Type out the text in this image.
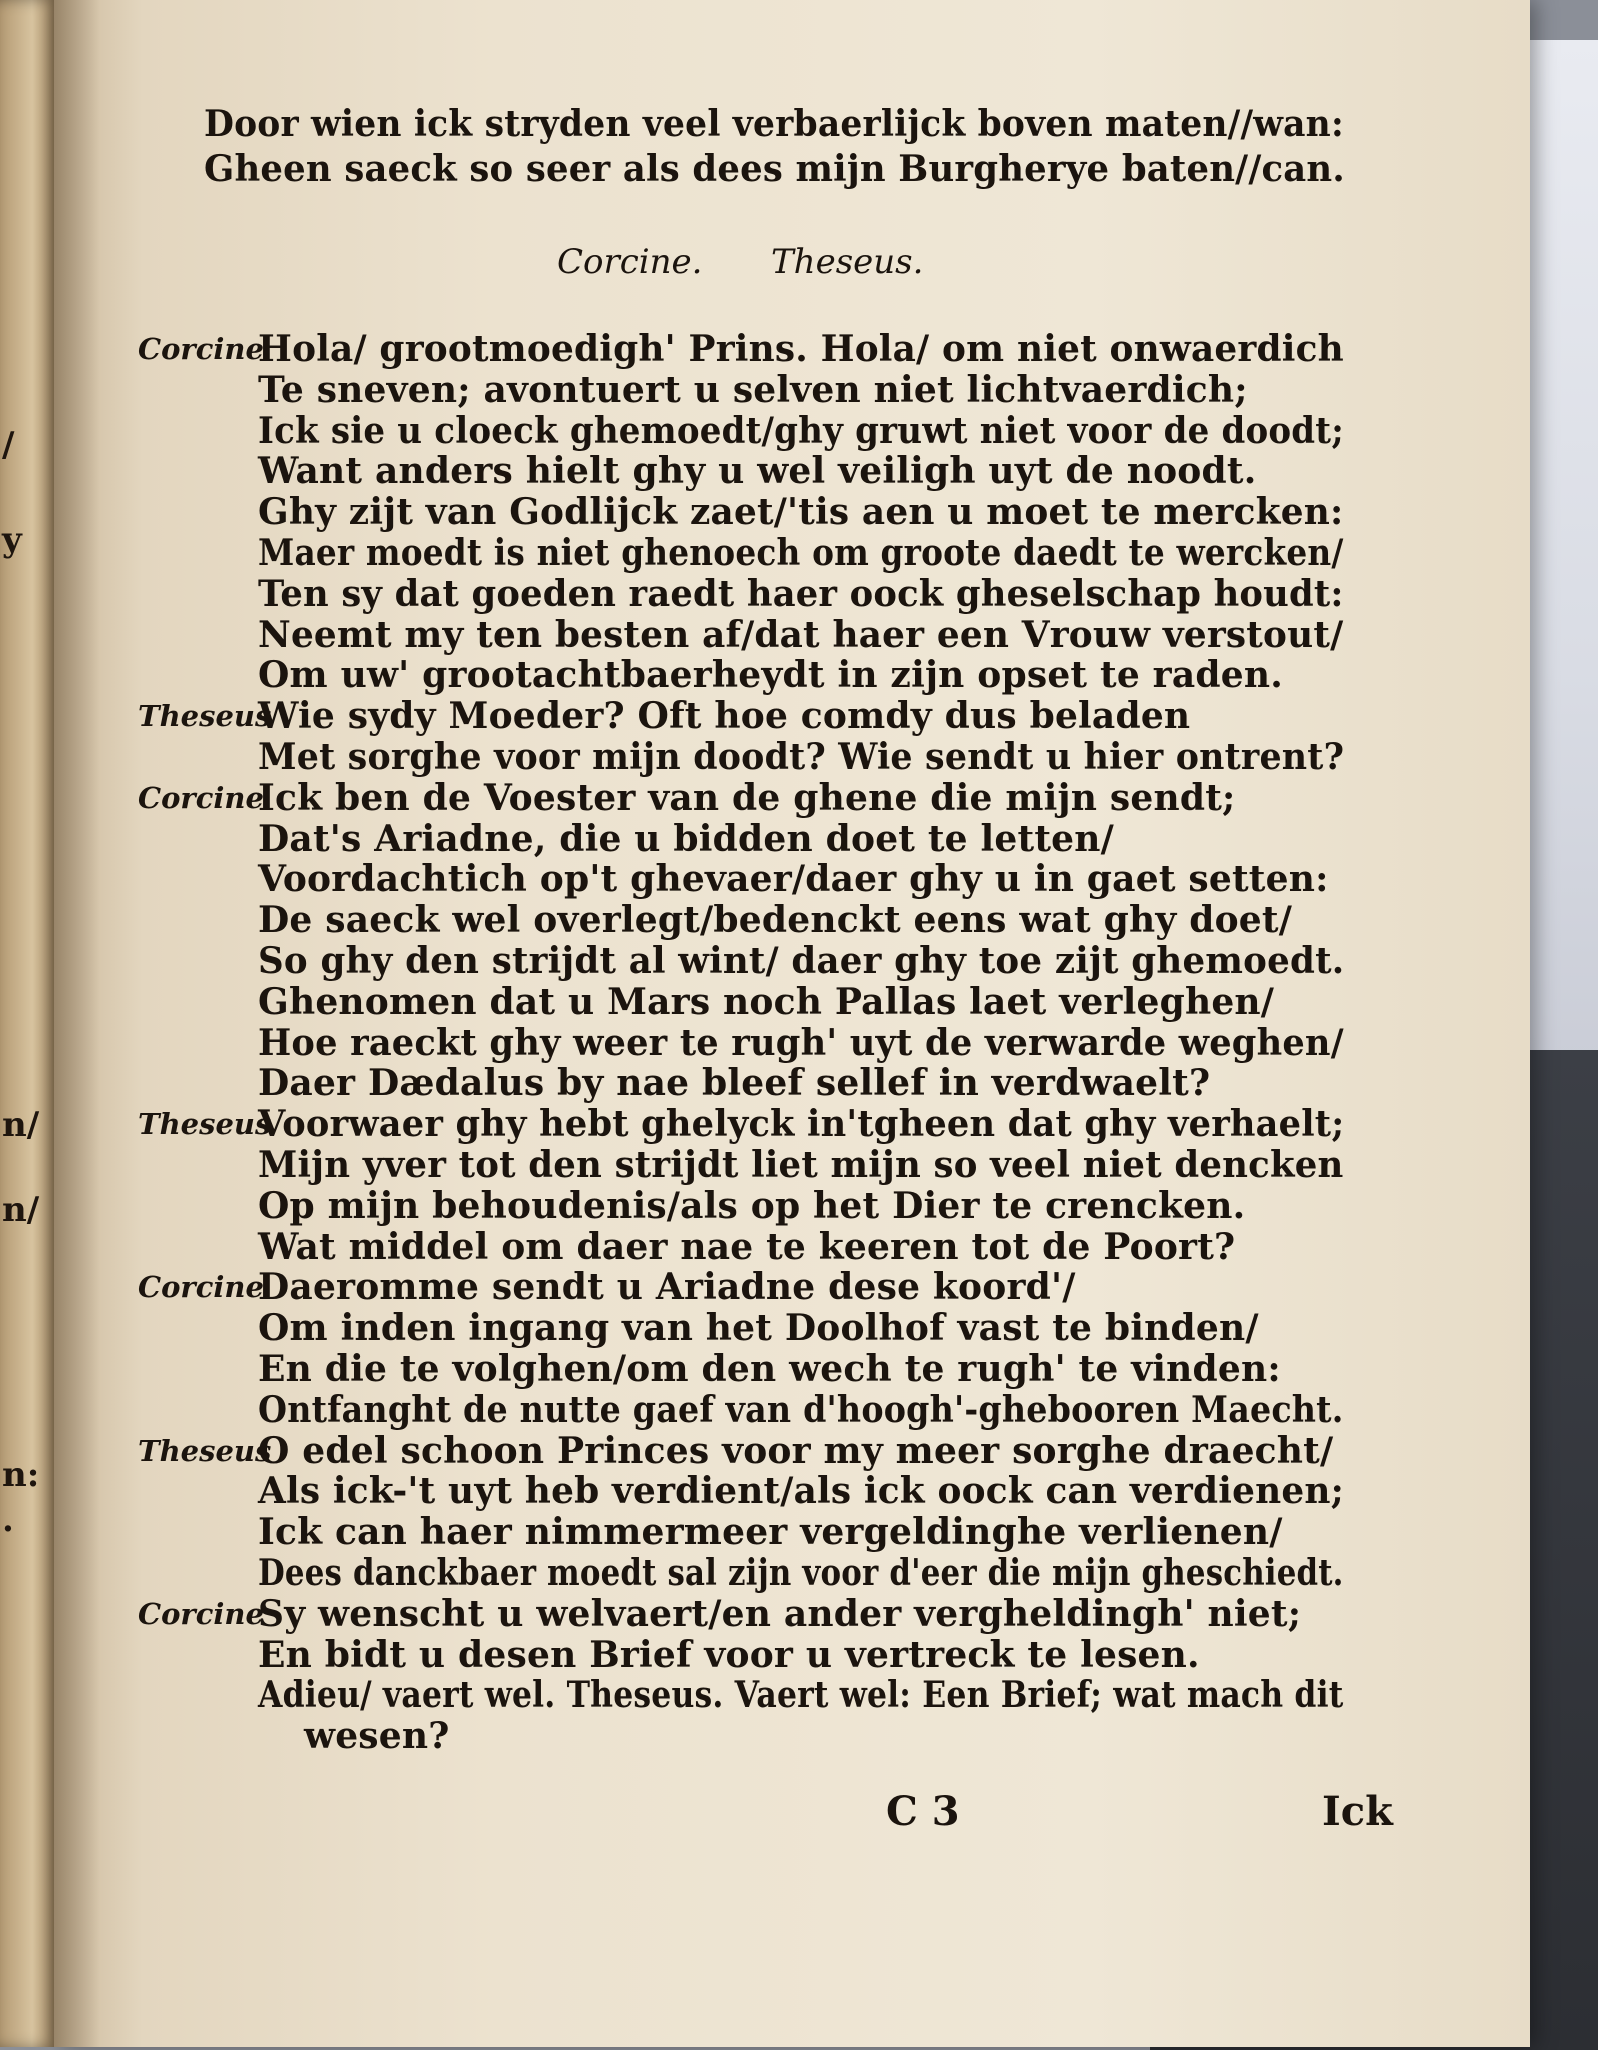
/
y
n/
n/
n:
.
Door wien ick stryden veel verbaerlijck boven maten//wan:
Gheen saeck so seer als dees mijn Burgherye baten//can.
Corcine. Theseus.
Corcine
Hola/ grootmoedigh' Prins. Hola/ om niet onwaerdich
Te sneven; avontuert u selven niet lichtvaerdich;
Ick sie u cloeck ghemoedt/ghy gruwt niet voor de doodt;
Want anders hielt ghy u wel veiligh uyt de noodt.
Ghy zijt van Godlijck zaet/'tis aen u moet te mercken:
Maer moedt is niet ghenoech om groote daedt te wercken/
Ten sy dat goeden raedt haer oock gheselschap houdt:
Neemt my ten besten af/dat haer een Vrouw verstout/
Om uw' grootachtbaerheydt in zijn opset te raden.
Theseus
Wie sydy Moeder? Oft hoe comdy dus beladen
Met sorghe voor mijn doodt? Wie sendt u hier ontrent?
Corcine
Ick ben de Voester van de ghene die mijn sendt;
Dat's Ariadne, die u bidden doet te letten/
Voordachtich op't ghevaer/daer ghy u in gaet setten:
De saeck wel overlegt/bedenckt eens wat ghy doet/
So ghy den strijdt al wint/ daer ghy toe zijt ghemoedt.
Ghenomen dat u Mars noch Pallas laet verleghen/
Hoe raeckt ghy weer te rugh' uyt de verwarde weghen/
Daer Dædalus by nae bleef sellef in verdwaelt?
Theseus
Voorwaer ghy hebt ghelyck in'tgheen dat ghy verhaelt;
Mijn yver tot den strijdt liet mijn so veel niet dencken
Op mijn behoudenis/als op het Dier te crencken.
Wat middel om daer nae te keeren tot de Poort?
Corcine
Daeromme sendt u Ariadne dese koord'/
Om inden ingang van het Doolhof vast te binden/
En die te volghen/om den wech te rugh' te vinden:
Ontfanght de nutte gaef van d'hoogh'-ghebooren Maecht.
Theseus
O edel schoon Princes voor my meer sorghe draecht/
Als ick-'t uyt heb verdient/als ick oock can verdienen;
Ick can haer nimmermeer vergeldinghe verlienen/
Dees danckbaer moedt sal zijn voor d'eer die mijn gheschiedt.
Corcine
Sy wenscht u welvaert/en ander vergheldingh' niet;
En bidt u desen Brief voor u vertreck te lesen.
Adieu/ vaert wel. Theseus. Vaert wel: Een Brief; wat mach dit
wesen?
C 3	Ick
